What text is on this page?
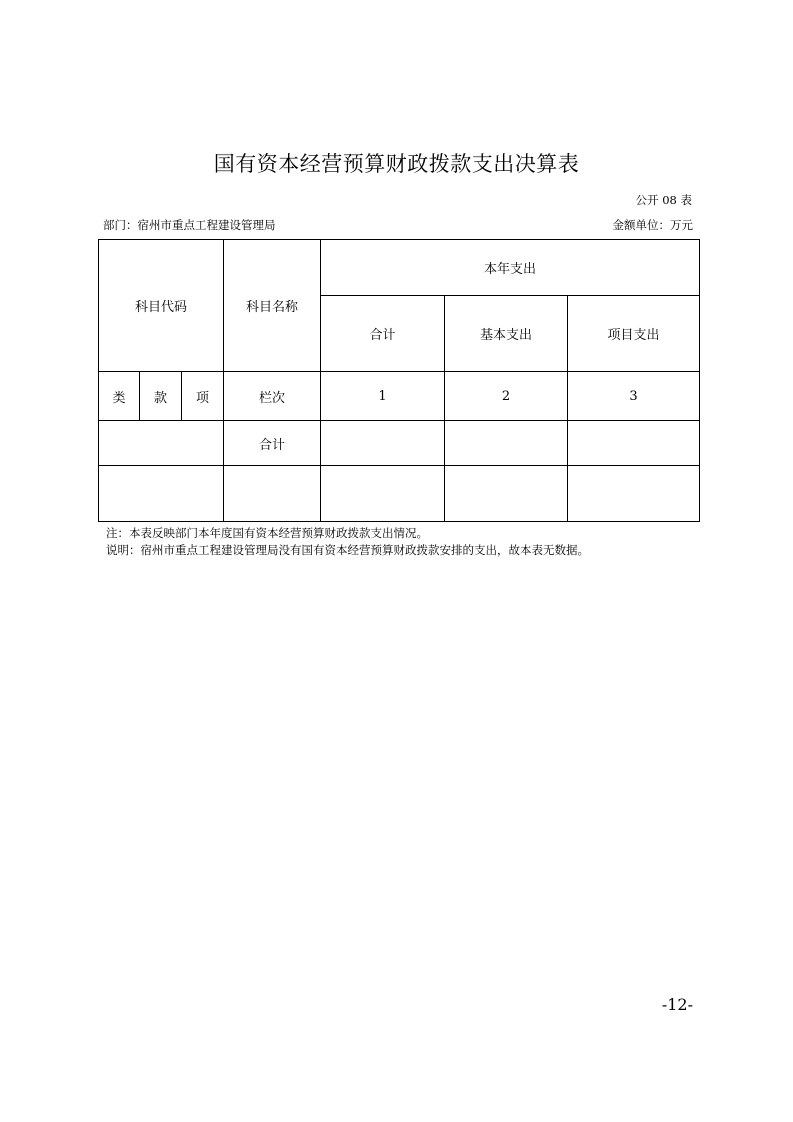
国有资本经营预算财政拨款支出决算表
公开 08 表
部门：宿州市重点工程建设管理局	金额单位：万元
科目代码			科目名称	本年支出		
				合计	基本支出	项目支出
类	款	项	栏次	1	2	3
			合计			

注：本表反映部门本年度国有资本经营预算财政拨款支出情况。
说明：宿州市重点工程建设管理局没有国有资本经营预算财政拨款安排的支出，故本表无数据。
-12-
